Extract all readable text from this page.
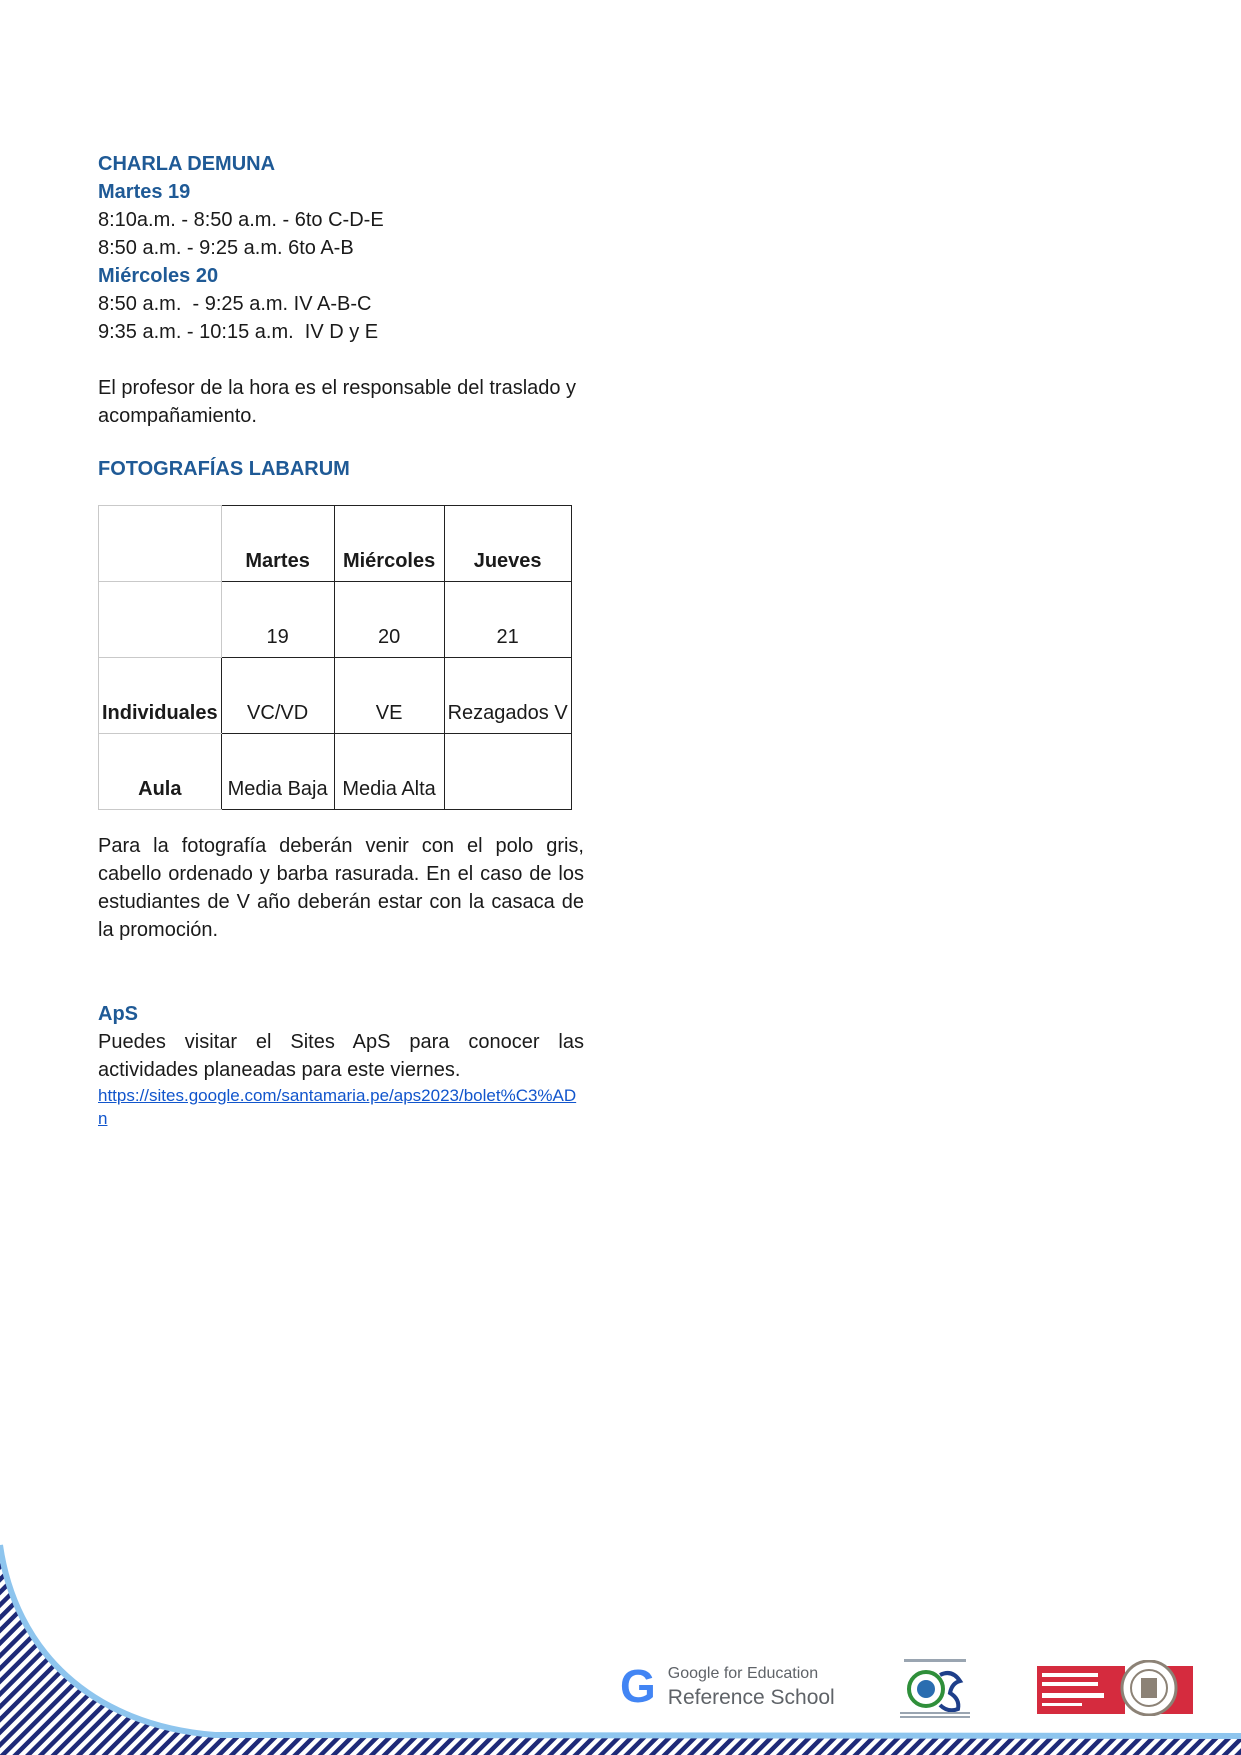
CHARLA DEMUNA
Martes 19
8:10a.m. - 8:50 a.m. - 6to C-D-E
8:50 a.m. - 9:25 a.m. 6to A-B
Miércoles 20
8:50 a.m.  - 9:25 a.m. IV A-B-C
9:35 a.m. - 10:15 a.m.  IV D y E

El profesor de la hora es el responsable del traslado y acompañamiento.

FOTOGRAFÍAS LABARUM
	Martes	Miércoles	Jueves
	19	20	21
Individuales	VC/VD	VE	Rezagados V
Aula	Media Baja	Media Alta	

Para la fotografía deberán venir con el polo gris, cabello ordenado y barba rasurada. En el caso de los estudiantes de V año deberán estar con la casaca de la promoción.

ApS

Puedes visitar el Sites ApS para conocer las actividades planeadas para este viernes.

https://sites.google.com/santamaria.pe/aps2023/bolet%C3%ADn
G Google for Education
Reference School
